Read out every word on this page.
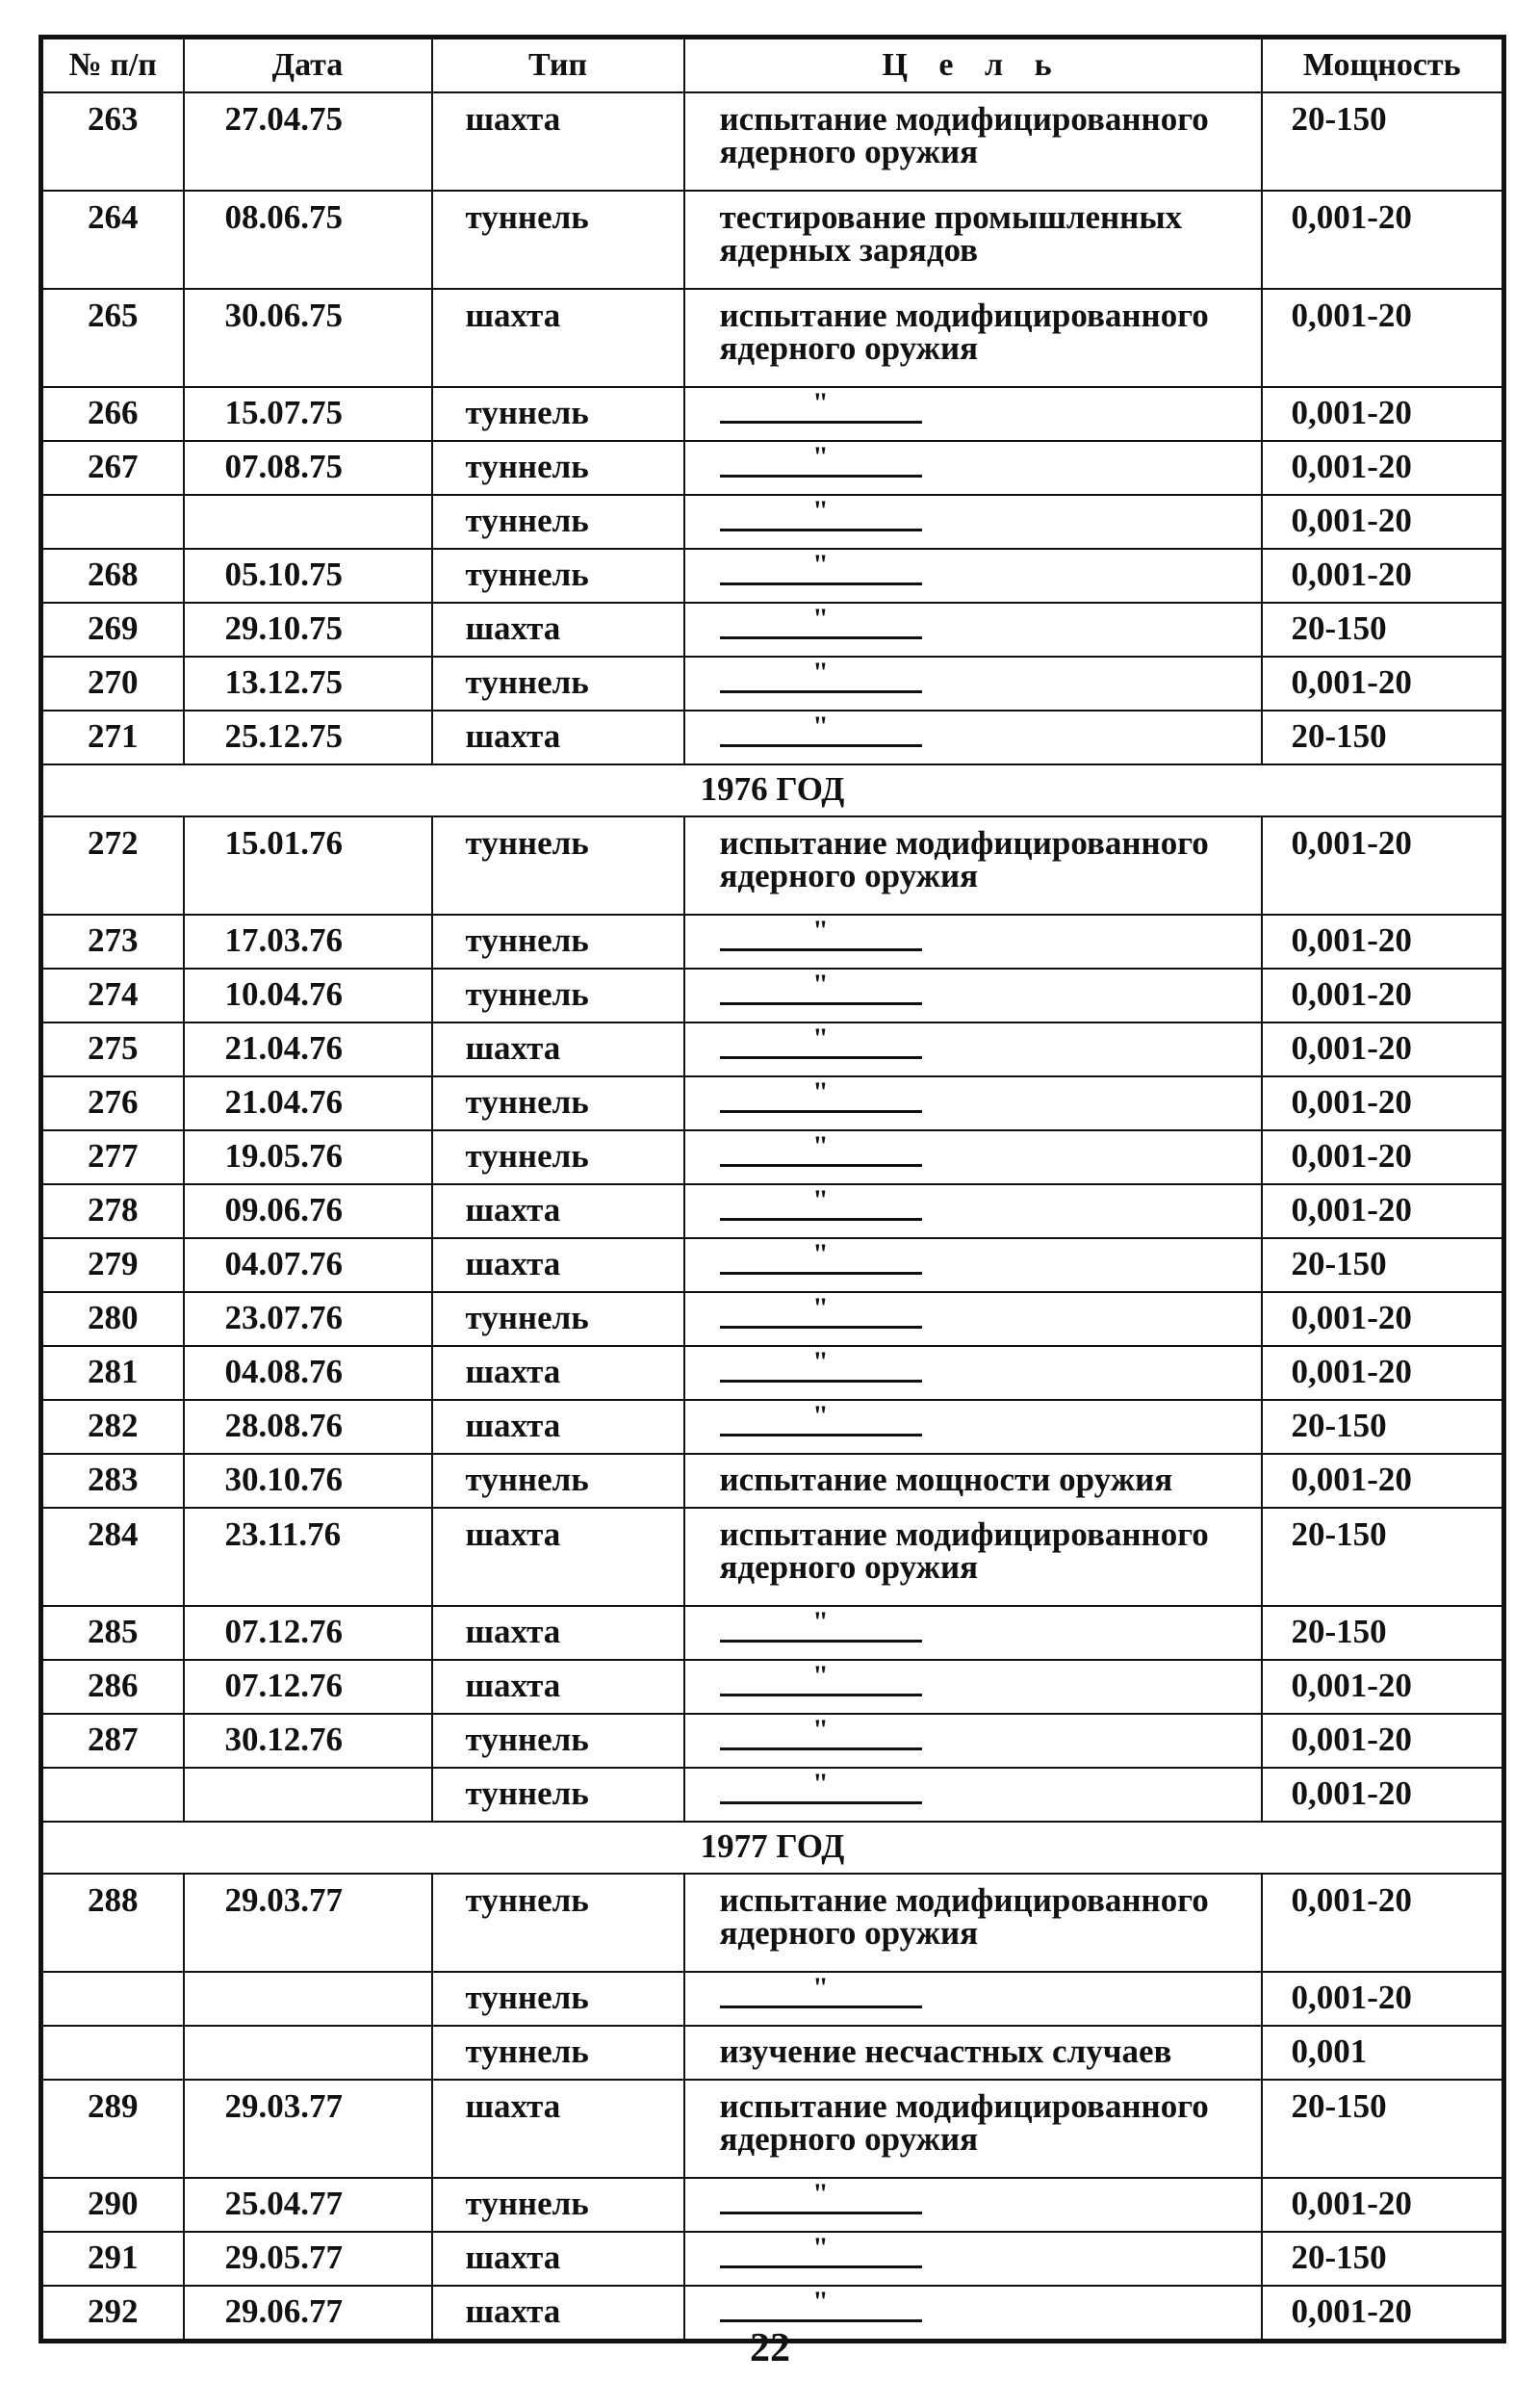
№ п/п	Дата	Тип	Ц е л ь	Мощность
263	27.04.75	шахта	испытание модифицированного ядерного оружия	20-150
264	08.06.75	туннель	тестирование промышленных ядерных зарядов	0,001-20
265	30.06.75	шахта	испытание модифицированного ядерного оружия	0,001-20
266	15.07.75	туннель	"	0,001-20
267	07.08.75	туннель	"	0,001-20
		туннель	"	0,001-20
268	05.10.75	туннель	"	0,001-20
269	29.10.75	шахта	"	20-150
270	13.12.75	туннель	"	0,001-20
271	25.12.75	шахта	"	20-150
1976 ГОД				
272	15.01.76	туннель	испытание модифицированного ядерного оружия	0,001-20
273	17.03.76	туннель	"	0,001-20
274	10.04.76	туннель	"	0,001-20
275	21.04.76	шахта	"	0,001-20
276	21.04.76	туннель	"	0,001-20
277	19.05.76	туннель	"	0,001-20
278	09.06.76	шахта	"	0,001-20
279	04.07.76	шахта	"	20-150
280	23.07.76	туннель	"	0,001-20
281	04.08.76	шахта	"	0,001-20
282	28.08.76	шахта	"	20-150
283	30.10.76	туннель	испытание мощности оружия	0,001-20
284	23.11.76	шахта	испытание модифицированного ядерного оружия	20-150
285	07.12.76	шахта	"	20-150
286	07.12.76	шахта	"	0,001-20
287	30.12.76	туннель	"	0,001-20
		туннель	"	0,001-20
1977 ГОД				
288	29.03.77	туннель	испытание модифицированного ядерного оружия	0,001-20
		туннель	"	0,001-20
		туннель	изучение несчастных случаев	0,001
289	29.03.77	шахта	испытание модифицированного ядерного оружия	20-150
290	25.04.77	туннель	"	0,001-20
291	29.05.77	шахта	"	20-150
292	29.06.77	шахта	"	0,001-20
22
